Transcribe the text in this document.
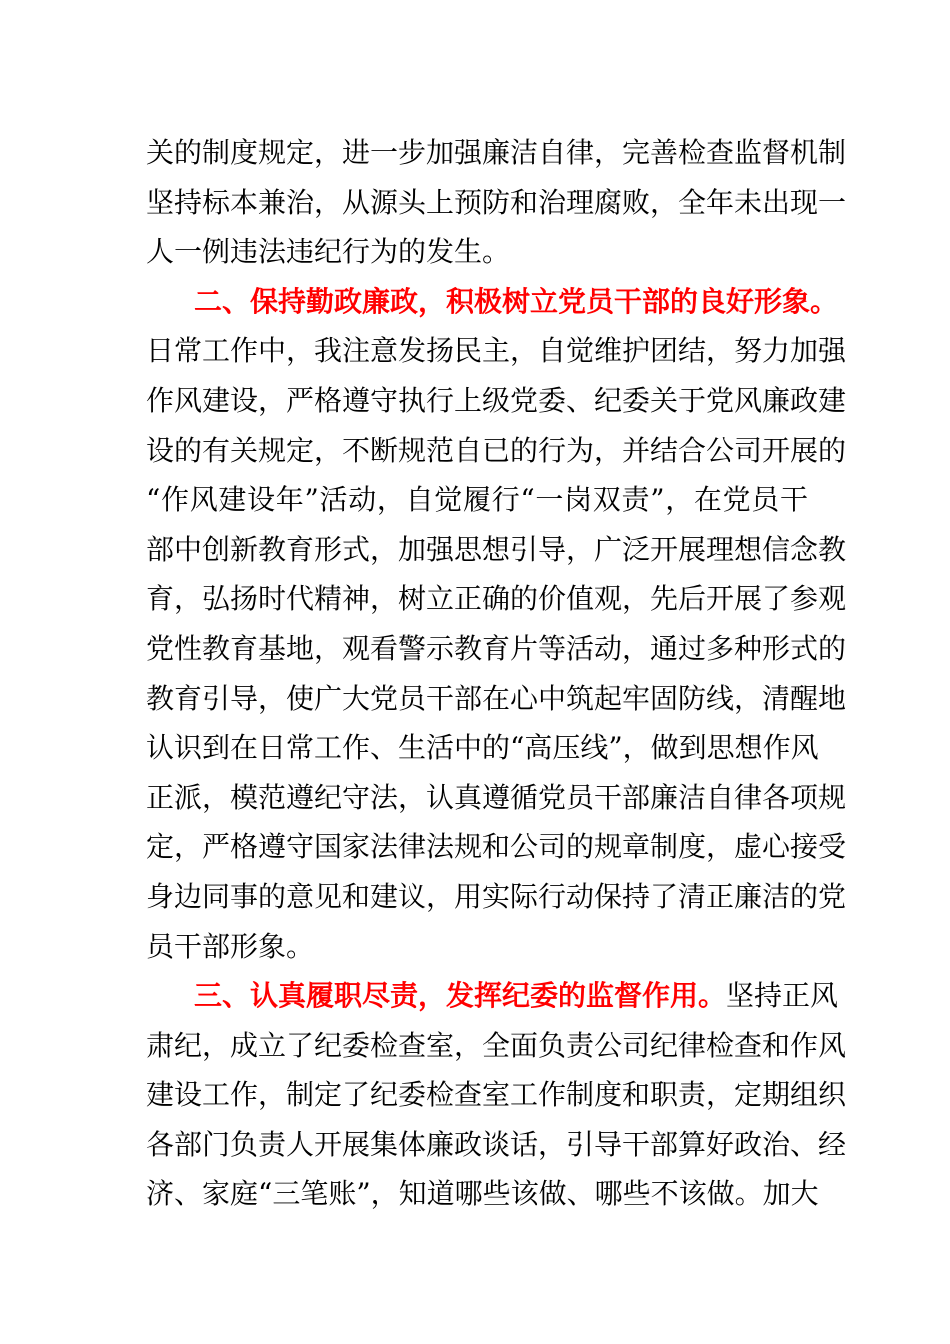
关的制度规定，进一步加强廉洁自律，完善检查监督机制
坚持标本兼治，从源头上预防和治理腐败，全年未出现一
人一例违法违纪行为的发生。
二、保持勤政廉政，积极树立党员干部的良好形象。
日常工作中，我注意发扬民主，自觉维护团结，努力加强
作风建设，严格遵守执行上级党委、纪委关于党风廉政建
设的有关规定，不断规范自已的行为，并结合公司开展的
“作风建设年”活动，自觉履行“一岗双责”，在党员干
部中创新教育形式，加强思想引导，广泛开展理想信念教
育，弘扬时代精神，树立正确的价值观，先后开展了参观
党性教育基地，观看警示教育片等活动，通过多种形式的
教育引导，使广大党员干部在心中筑起牢固防线，清醒地
认识到在日常工作、生活中的“高压线”，做到思想作风
正派，模范遵纪守法，认真遵循党员干部廉洁自律各项规
定，严格遵守国家法律法规和公司的规章制度，虚心接受
身边同事的意见和建议，用实际行动保持了清正廉洁的党
员干部形象。
三、认真履职尽责，发挥纪委的监督作用。坚持正风
肃纪，成立了纪委检查室，全面负责公司纪律检查和作风
建设工作，制定了纪委检查室工作制度和职责，定期组织
各部门负责人开展集体廉政谈话，引导干部算好政治、经
济、家庭“三笔账”，知道哪些该做、哪些不该做。加大
